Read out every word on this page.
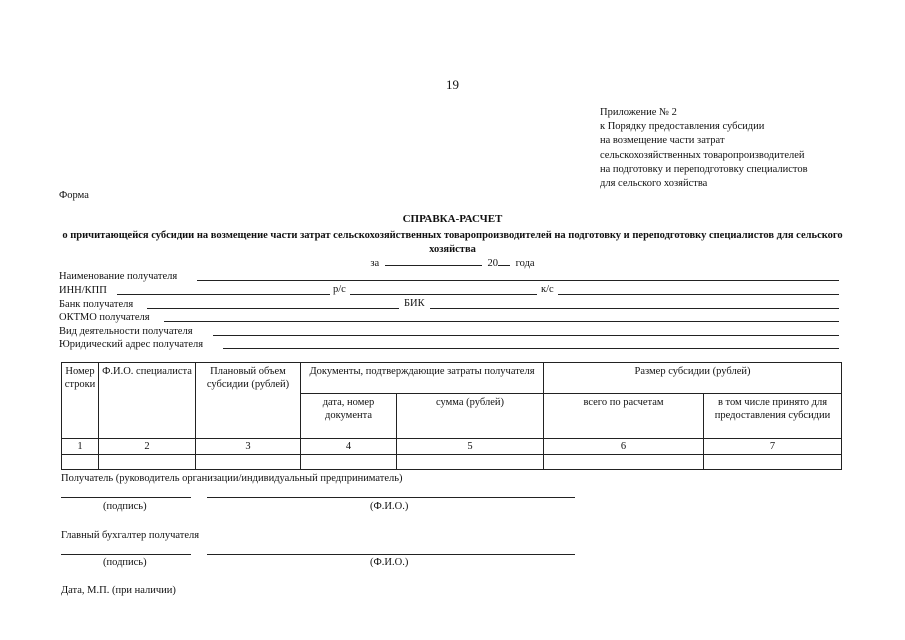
19
Приложение № 2
к Порядку предоставления субсидии
на возмещение части затрат
сельскохозяйственных товаропроизводителей
на подготовку и переподготовку специалистов
для сельского хозяйства
Форма
СПРАВКА-РАСЧЕТ
о причитающейся субсидии на возмещение части затрат сельскохозяйственных товаропроизводителей на подготовку и переподготовку специалистов для сельского хозяйства
за	20 года
Наименование получателя
ИНН/КПП	р/с	к/с
Банк получателя	БИК
ОКТМО получателя
Вид деятельности получателя
Юридический адрес получателя
Номер строки	Ф.И.О. специалиста	Плановый объем субсидии (рублей)	Документы, подтверждающие затраты получателя		Размер субсидии (рублей)	
			дата, номер документа	сумма (рублей)	всего по расчетам	в том числе принято для предоставления субсидии
1	2	3	4	5	6	7

Получатель (руководитель организации/индивидуальный предприниматель)
(подпись)	(Ф.И.О.)
Главный бухгалтер получателя
(подпись)	(Ф.И.О.)
Дата, М.П. (при наличии)
